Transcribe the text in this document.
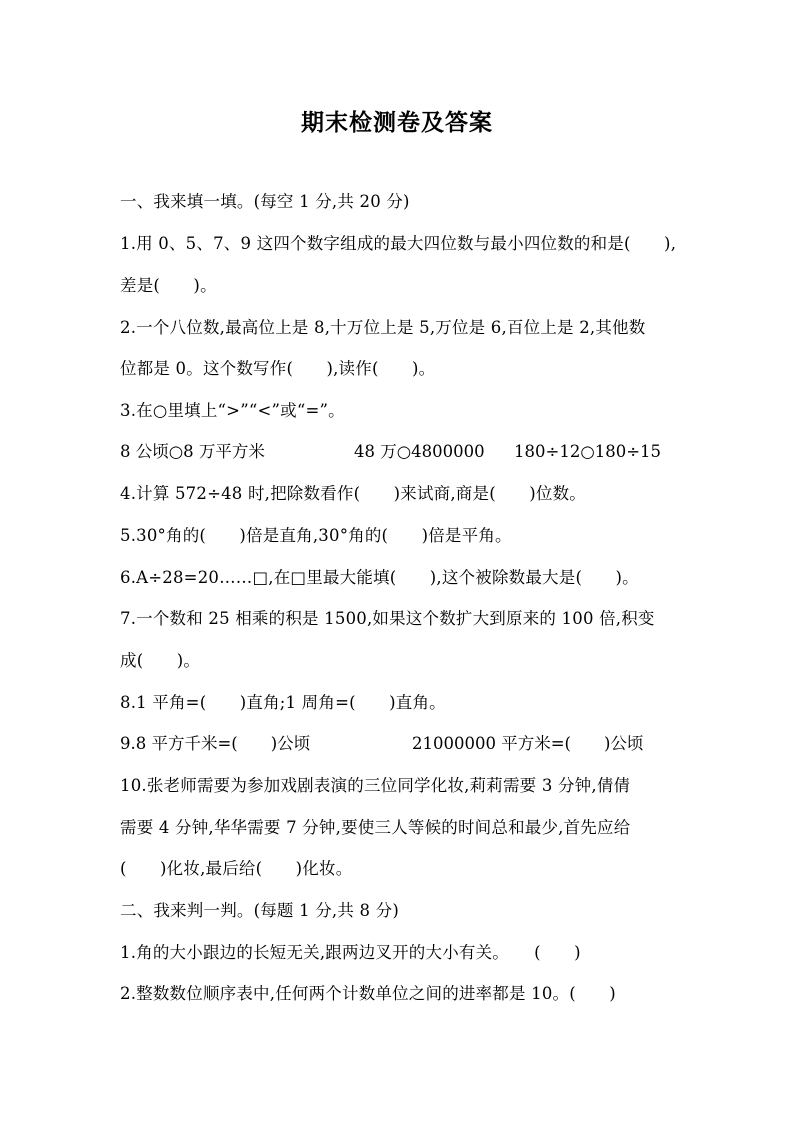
期末检测卷及答案
一、我来填一填。(每空 1 分,共 20 分)
1.用 0、5、7、9 这四个数字组成的最大四位数与最小四位数的和是(　　),
差是(　　)。
2.一个八位数,最高位上是 8,十万位上是 5,万位是 6,百位上是 2,其他数
位都是 0。这个数写作(　　),读作(　　)。
3.在○里填上“>”“<”或“=”。

8 公顷○8 万平方米

	48 万○4800000

180÷12○180÷15

4.计算 572÷48 时,把除数看作(　　)来试商,商是(　　)位数。
5.30°角的(　　)倍是直角,30°角的(　　)倍是平角。
6.A÷28=20……□,在□里最大能填(　　),这个被除数最大是(　　)。
7.一个数和 25 相乘的积是 1500,如果这个数扩大到原来的 100 倍,积变
成(　　)。
8.1 平角=(　　)直角;1 周角=(　　)直角。

9.8 平方千米=(　　)公顷

	21000000 平方米=(　　)公顷

10.张老师需要为参加戏剧表演的三位同学化妆,莉莉需要 3 分钟,倩倩
需要 4 分钟,华华需要 7 分钟,要使三人等候的时间总和最少,首先应给
(　　)化妆,最后给(　　)化妆。
二、我来判一判。(每题 1 分,共 8 分)
1.角的大小跟边的长短无关,跟两边叉开的大小有关。　　(　　)
2.整数数位顺序表中,任何两个计数单位之间的进率都是 10。(　　)
